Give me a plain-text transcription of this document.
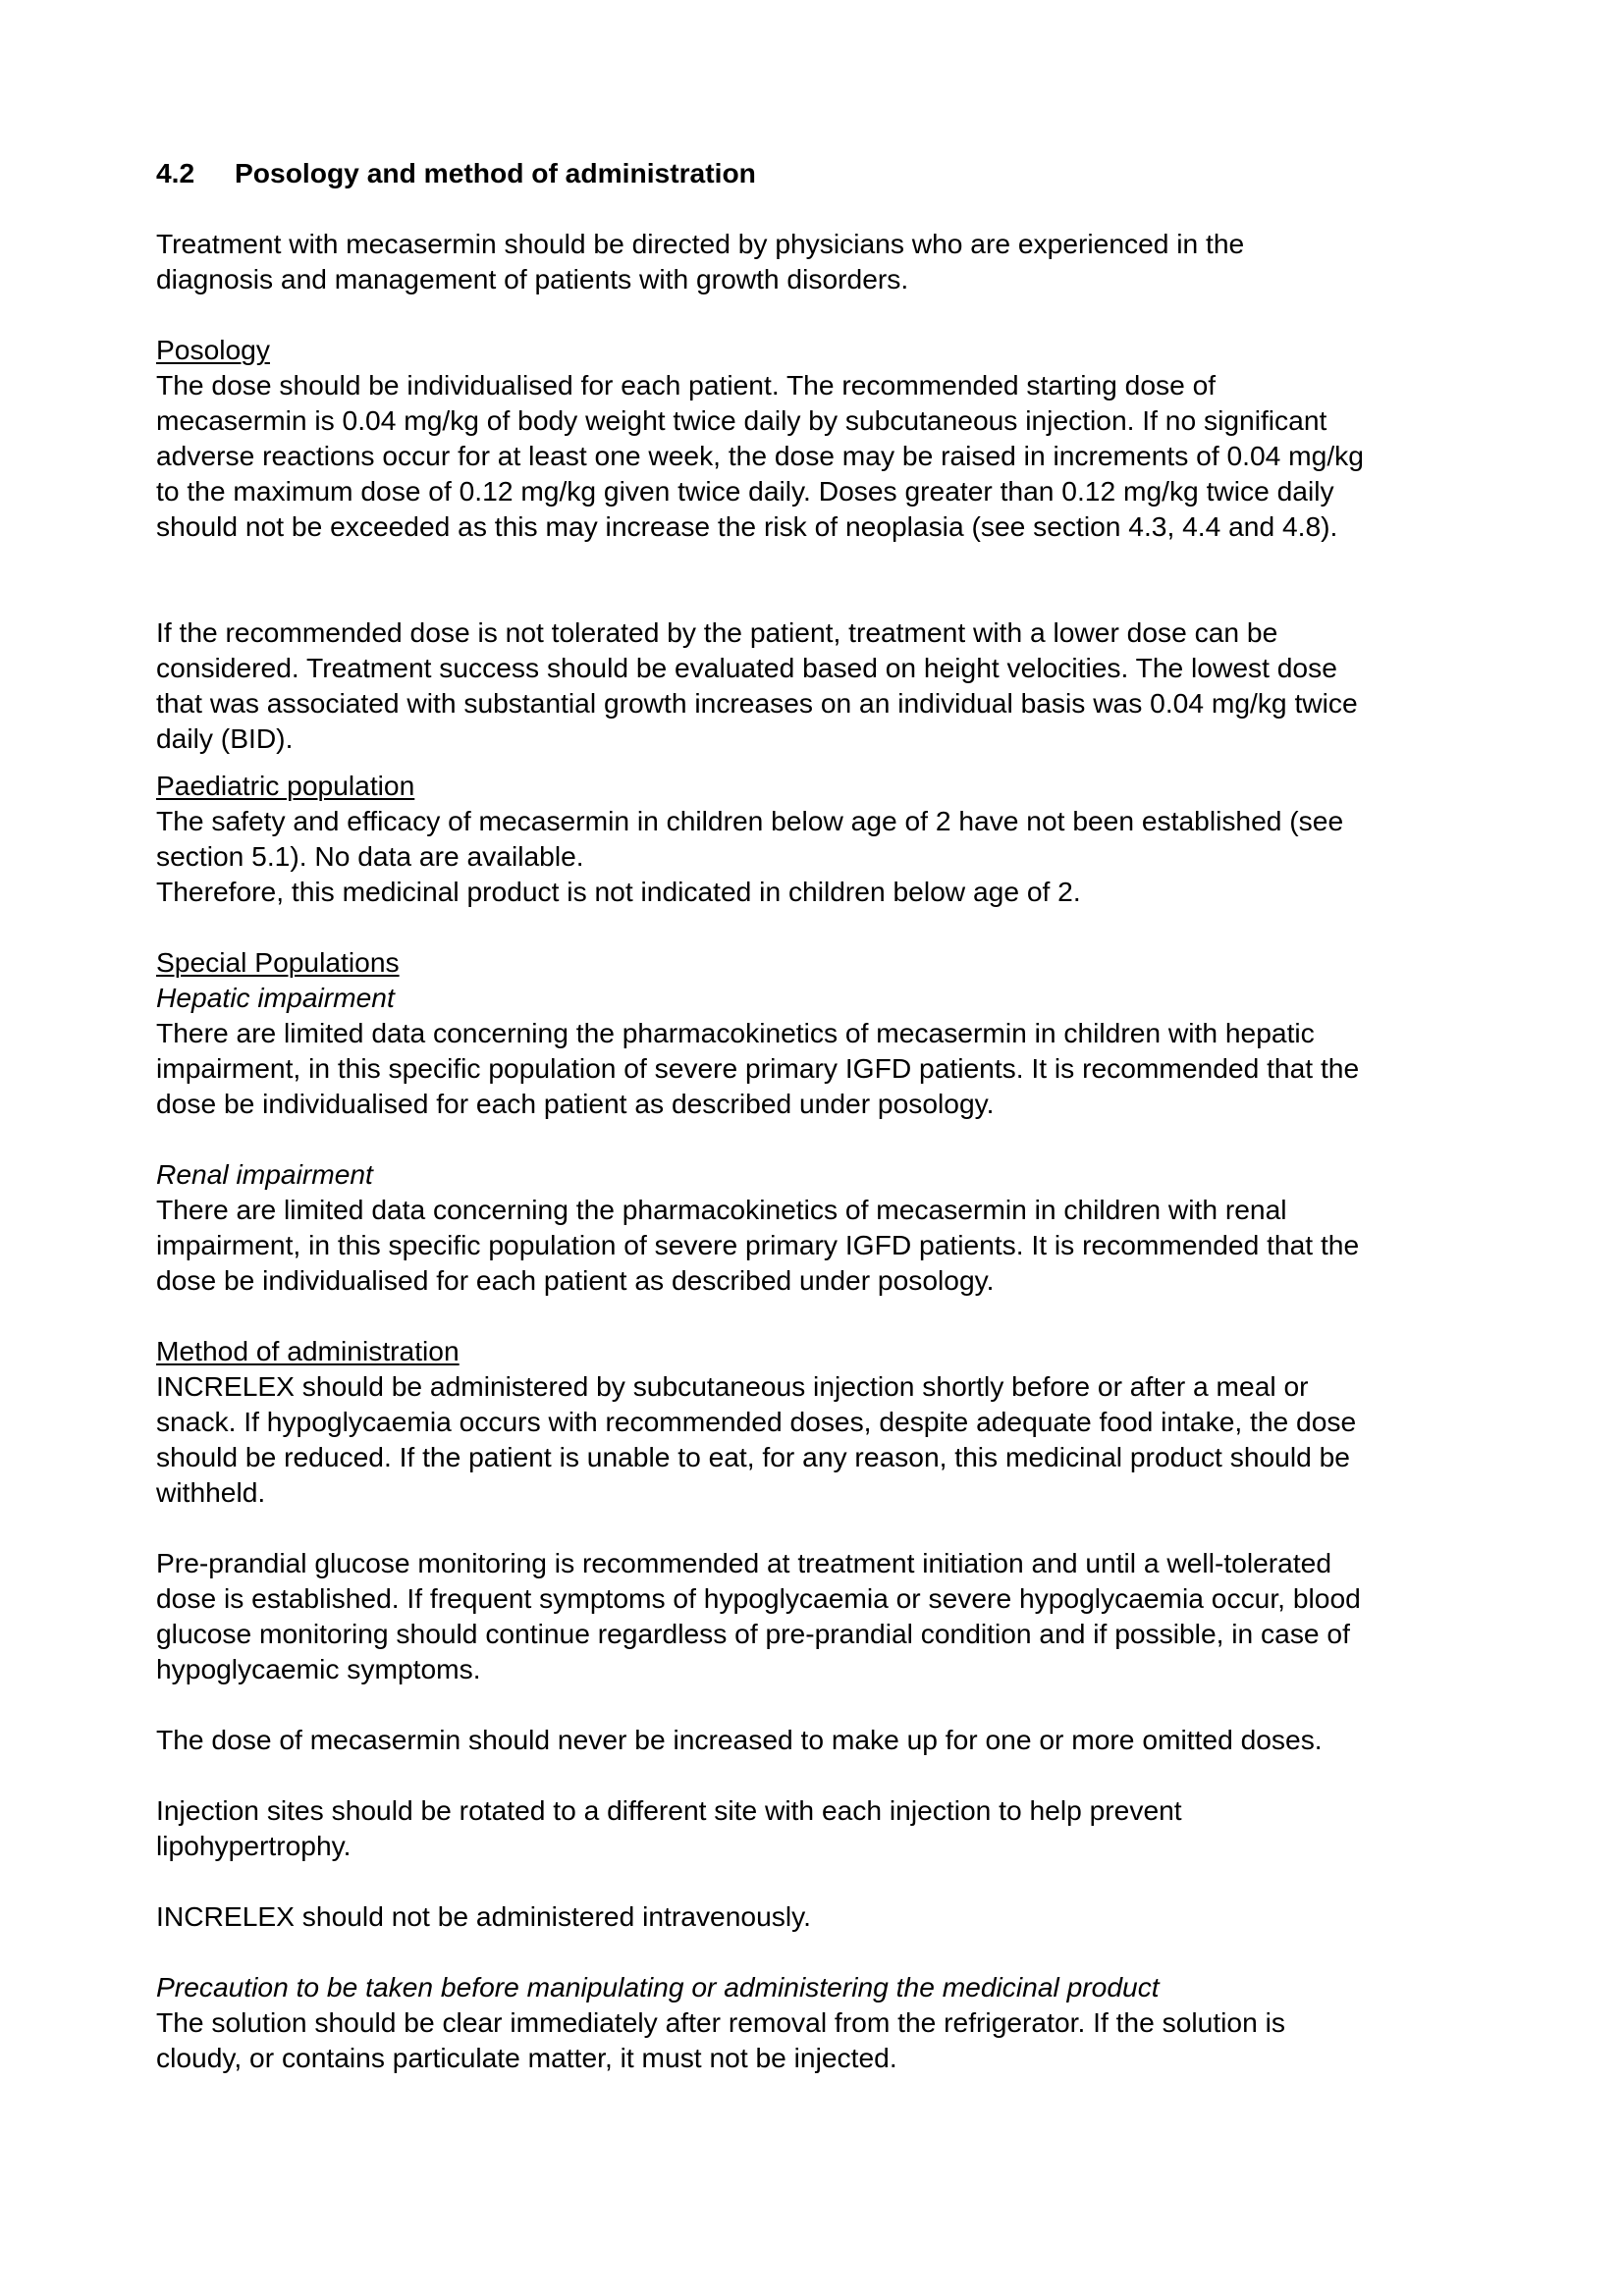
4.2	Posology and method of administration

Treatment with mecasermin should be directed by physicians who are experienced in the
diagnosis and management of patients with growth disorders.

Posology

The dose should be individualised for each patient. The recommended starting dose of
mecasermin is 0.04 mg/kg of body weight twice daily by subcutaneous injection. If no significant
adverse reactions occur for at least one week, the dose may be raised in increments of 0.04 mg/kg
to the maximum dose of 0.12 mg/kg given twice daily. Doses greater than 0.12 mg/kg twice daily
should not be exceeded as this may increase the risk of neoplasia (see section 4.3, 4.4 and 4.8).

If the recommended dose is not tolerated by the patient, treatment with a lower dose can be
considered. Treatment success should be evaluated based on height velocities. The lowest dose
that was associated with substantial growth increases on an individual basis was 0.04 mg/kg twice
daily (BID).

Paediatric population

The safety and efficacy of mecasermin in children below age of 2 have not been established (see
section 5.1). No data are available.
Therefore, this medicinal product is not indicated in children below age of 2.

Special Populations

Hepatic impairment

There are limited data concerning the pharmacokinetics of mecasermin in children with hepatic
impairment, in this specific population of severe primary IGFD patients. It is recommended that the
dose be individualised for each patient as described under posology.

Renal impairment

There are limited data concerning the pharmacokinetics of mecasermin in children with renal
impairment, in this specific population of severe primary IGFD patients. It is recommended that the
dose be individualised for each patient as described under posology.

Method of administration

INCRELEX should be administered by subcutaneous injection shortly before or after a meal or
snack. If hypoglycaemia occurs with recommended doses, despite adequate food intake, the dose
should be reduced. If the patient is unable to eat, for any reason, this medicinal product should be
withheld.

Pre-prandial glucose monitoring is recommended at treatment initiation and until a well-tolerated
dose is established. If frequent symptoms of hypoglycaemia or severe hypoglycaemia occur, blood
glucose monitoring should continue regardless of pre-prandial condition and if possible, in case of
hypoglycaemic symptoms.

The dose of mecasermin should never be increased to make up for one or more omitted doses.

Injection sites should be rotated to a different site with each injection to help prevent
lipohypertrophy.

INCRELEX should not be administered intravenously.

Precaution to be taken before manipulating or administering the medicinal product

The solution should be clear immediately after removal from the refrigerator. If the solution is
cloudy, or contains particulate matter, it must not be injected.
